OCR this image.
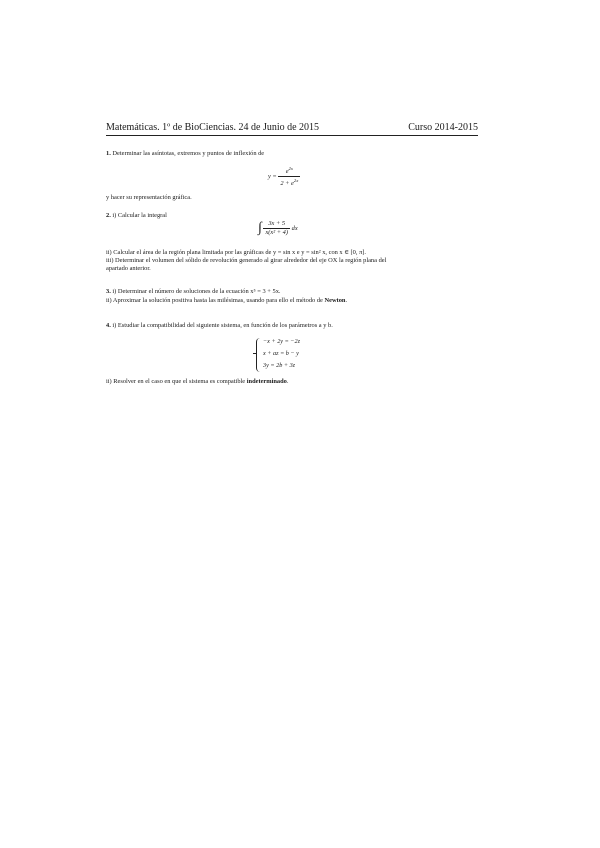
Matemáticas. 1º de BioCiencias. 24 de Junio de 2015	Curso 2014-2015
1. Determinar las asíntotas, extremos y puntos de inflexión de
$y = \frac{e^{2x}}{2 + e^{2x}}$
y hacer su representación gráfica.
2. i) Calcular la integral
∫ $\frac{3x + 5}{\text{x(x² + 4)}}$ dx
ii) Calcular el área de la región plana limitada por las gráficas de y = sin x e y = sin² x, con x ∈ [0, π].
iii) Determinar el volumen del sólido de revolución generado al girar alrededor del eje OX la región plana del
apartado anterior.
3. i) Determinar el número de soluciones de la ecuación x⁵ = 3 + 5x.
ii) Aproximar la solución positiva hasta las milésimas, usando para ello el método de Newton.
4. i) Estudiar la compatibilidad del siguiente sistema, en función de los parámetros a y b.
−x + 2y = −2z
x + az = b − y
3y = 2b + 3z
ii) Resolver en el caso en que el sistema es compatible indeterminado.
